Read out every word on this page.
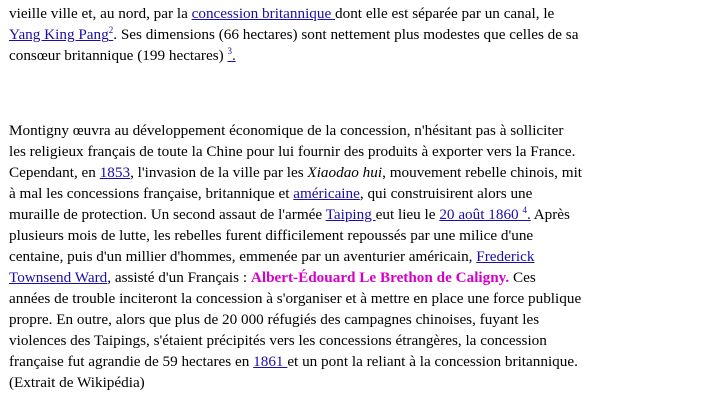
vieille ville et, au nord, par la concession britannique dont elle est séparée par un canal, le
Yang King Pang$^2$. Ses dimensions (66 hectares) sont nettement plus modestes que celles de sa
consœur britannique (199 hectares) $^3$.
Montigny œuvra au développement économique de la concession, n'hésitant pas à solliciter
les religieux français de toute la Chine pour lui fournir des produits à exporter vers la France.
Cependant, en 1853, l'invasion de la ville par les Xiaodao hui, mouvement rebelle chinois, mit
à mal les concessions française, britannique et américaine, qui construisirent alors une
muraille de protection. Un second assaut de l'armée Taiping eut lieu le 20 août 1860 $^4$. Après
plusieurs mois de lutte, les rebelles furent difficilement repoussés par une milice d'une
centaine, puis d'un millier d'hommes, emmenée par un aventurier américain, Frederick
Townsend Ward, assisté d'un Français : Albert-Édouard Le Brethon de Caligny. Ces
années de trouble inciteront la concession à s'organiser et à mettre en place une force publique
propre. En outre, alors que plus de 20 000 réfugiés des campagnes chinoises, fuyant les
violences des Taipings, s'étaient précipités vers les concessions étrangères, la concession
française fut agrandie de 59 hectares en 1861 et un pont la reliant à la concession britannique.
(Extrait de Wikipédia)
